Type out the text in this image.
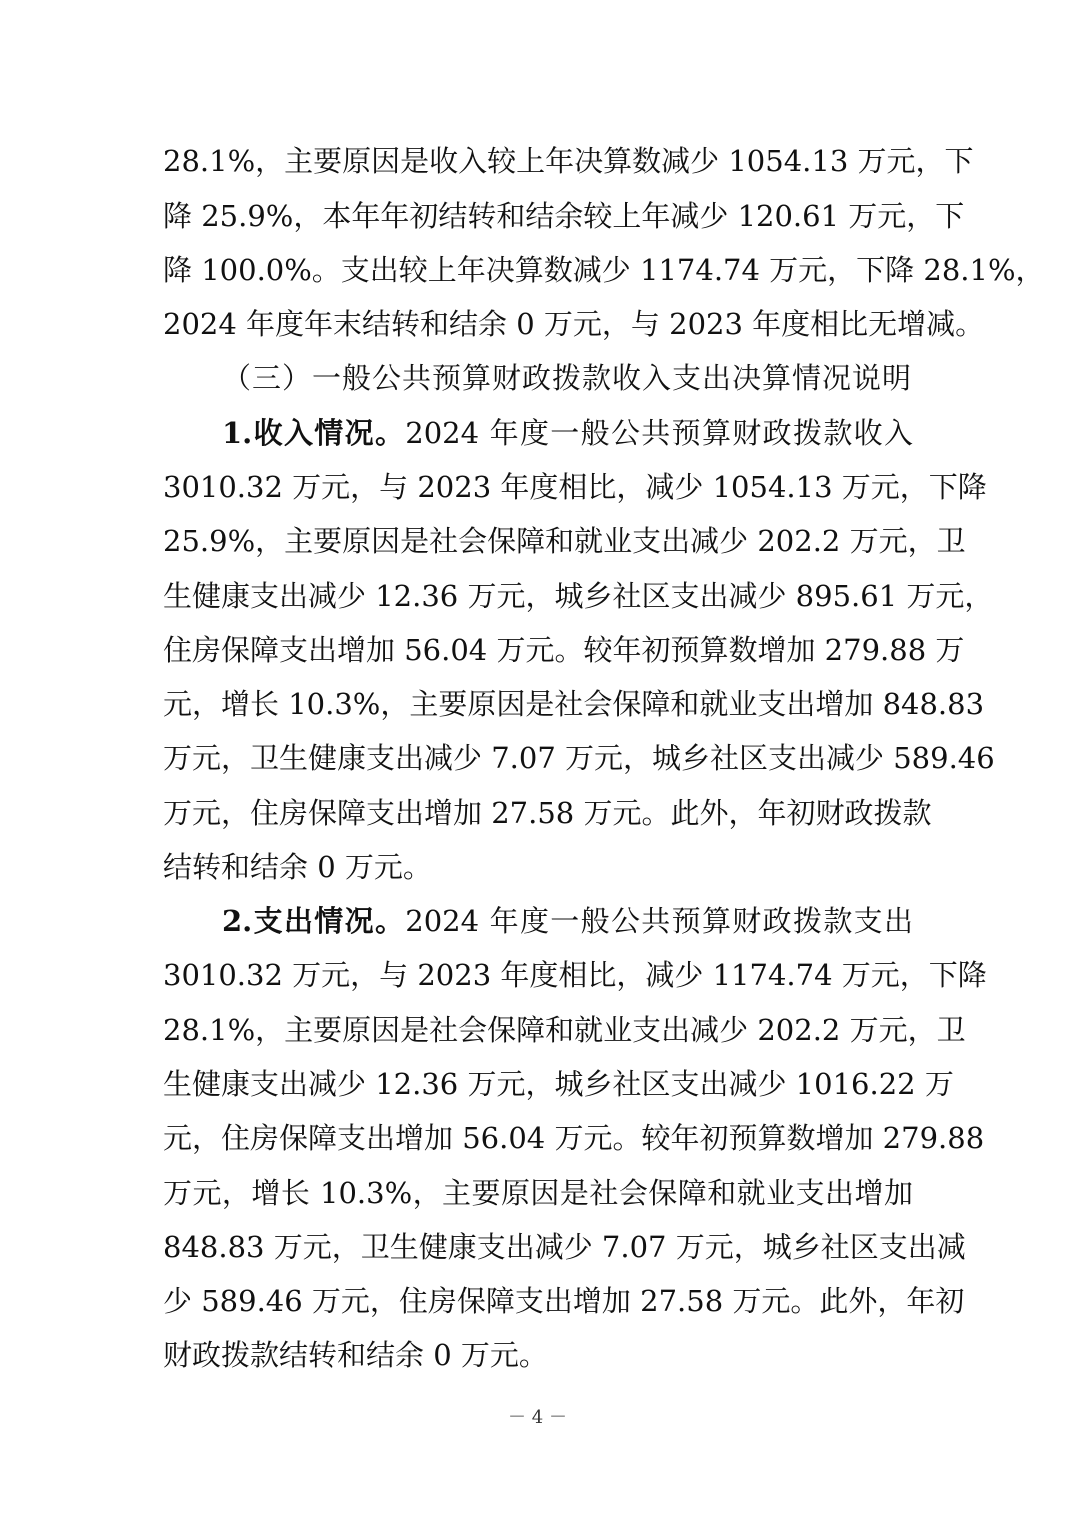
28.1%，主要原因是收入较上年决算数减少 1054.13 万元，下
降 25.9%，本年年初结转和结余较上年减少 120.61 万元，下
降 100.0%。支出较上年决算数减少 1174.74 万元，下降 28.1%，
2024 年度年末结转和结余 0 万元，与 2023 年度相比无增减。
（三）一般公共预算财政拨款收入支出决算情况说明
1.收入情况。2024 年度一般公共预算财政拨款收入
3010.32 万元，与 2023 年度相比，减少 1054.13 万元，下降
25.9%，主要原因是社会保障和就业支出减少 202.2 万元，卫
生健康支出减少 12.36 万元，城乡社区支出减少 895.61 万元，
住房保障支出增加 56.04 万元。较年初预算数增加 279.88 万
元，增长 10.3%，主要原因是社会保障和就业支出增加 848.83
万元，卫生健康支出减少 7.07 万元，城乡社区支出减少 589.46
万元，住房保障支出增加 27.58 万元。此外，年初财政拨款
结转和结余 0 万元。
2.支出情况。2024 年度一般公共预算财政拨款支出
3010.32 万元，与 2023 年度相比，减少 1174.74 万元，下降
28.1%，主要原因是社会保障和就业支出减少 202.2 万元，卫
生健康支出减少 12.36 万元，城乡社区支出减少 1016.22 万
元，住房保障支出增加 56.04 万元。较年初预算数增加 279.88
万元，增长 10.3%，主要原因是社会保障和就业支出增加
848.83 万元，卫生健康支出减少 7.07 万元，城乡社区支出减
少 589.46 万元，住房保障支出增加 27.58 万元。此外，年初
财政拨款结转和结余 0 万元。
－ 4 －
